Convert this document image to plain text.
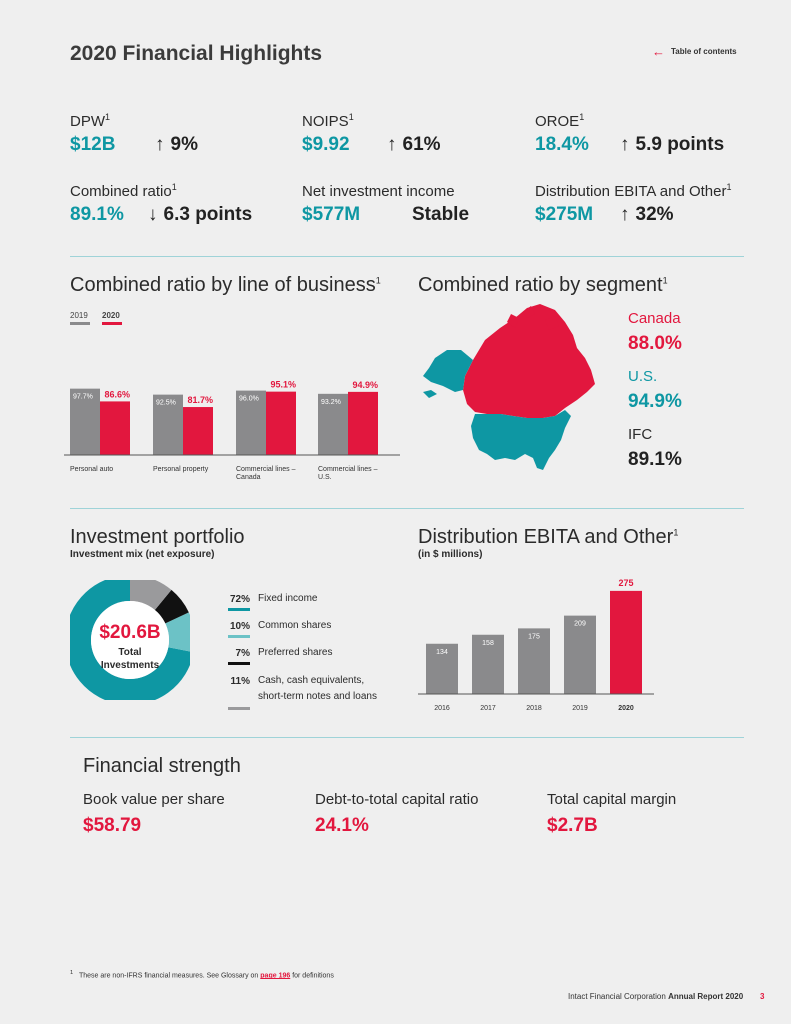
2020 Financial Highlights	← Table of contents
DPW$^1$
$12B ↑ 9%
NOIPS$^1$
$9.92 ↑ 61%
OROE$^1$
18.4% ↑ 5.9 points
Combined ratio$^1$
89.1% ↓ 6.3 points
Net investment income
$577M	Stable
Distribution EBITA and Other$^1$
$275M ↑ 32%
Combined ratio by line of business$^1$
2019 2020
97.7% 86.6%
Personal auto
92.5% 81.7%
Personal property
96.0%
95.1%
Commercial lines –
Canada
93.2%
94.9%
Commercial lines –
U.S.
Combined ratio by segment$^1$
Canada
88.0%
U.S.
94.9%
IFC
89.1%
Investment portfolio
Investment mix (net exposure)
$20.6B
Total
Investments
72% Fixed income
10% Common shares
7% Preferred shares
11% Cash, cash equivalents,
short-term notes and loans
Distribution EBITA and Other$^1$
(in $ millions)
134
2016
158
2017
175
2018
209
2019
275
2020
Financial strength
Book value per share
$58.79
Debt-to-total capital ratio
24.1%
Total capital margin
$2.7B
$^1$ These are non-IFRS financial measures. See Glossary on page 196 for definitions
Intact Financial Corporation Annual Report 2020 3
